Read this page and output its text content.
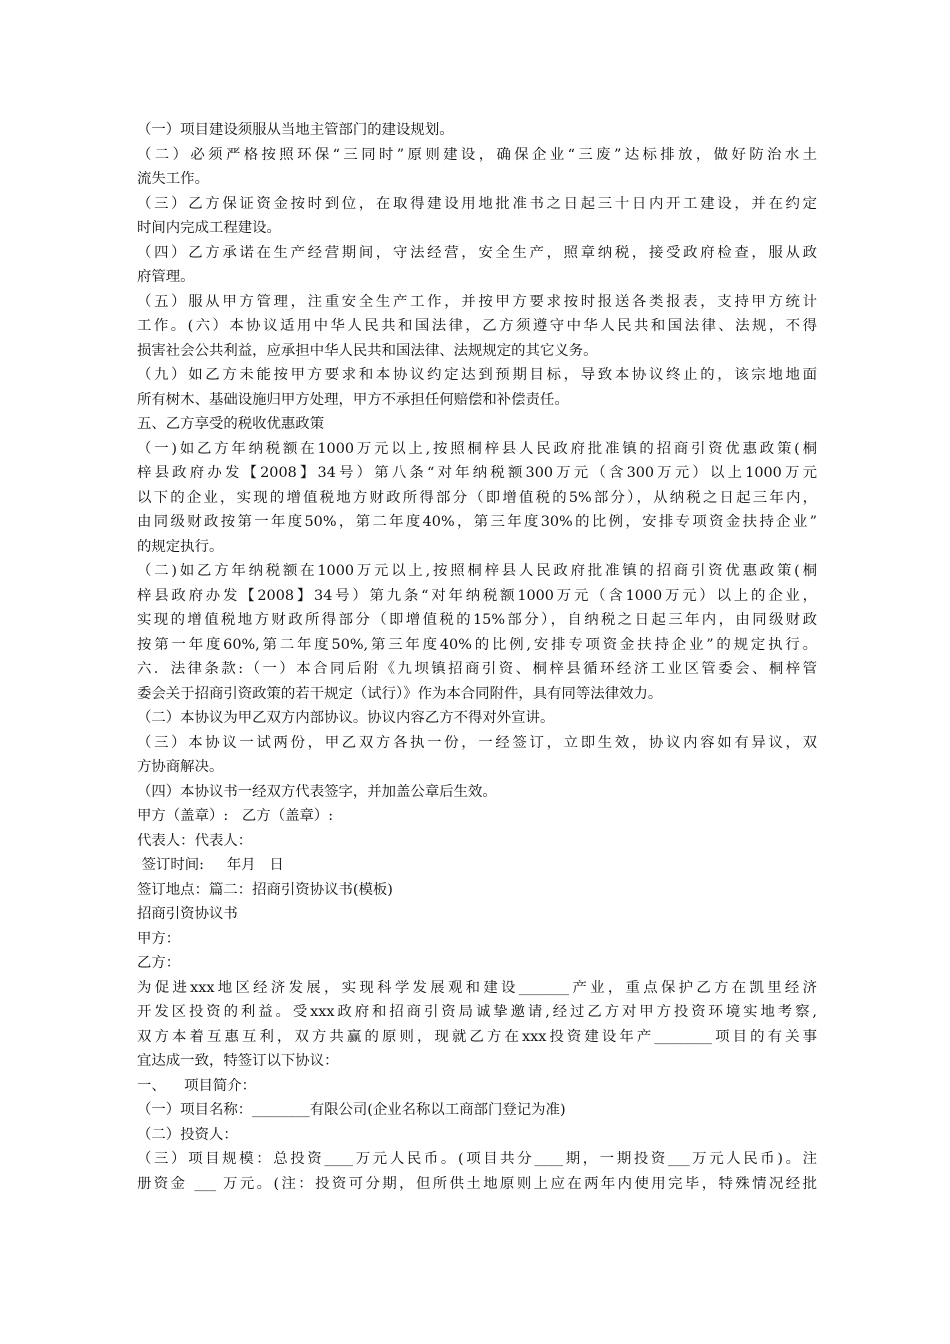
（一）项目建设须服从当地主管部门的建设规划。
（二）必须严格按照环保“三同时”原则建设，确保企业“三废”达标排放，做好防治水土
流失工作。
（三）乙方保证资金按时到位，在取得建设用地批准书之日起三十日内开工建设，并在约定
时间内完成工程建设。
（四）乙方承诺在生产经营期间，守法经营，安全生产，照章纳税，接受政府检查，服从政
府管理。
（五）服从甲方管理，注重安全生产工作，并按甲方要求按时报送各类报表，支持甲方统计
工作。(六）本协议适用中华人民共和国法律，乙方须遵守中华人民共和国法律、法规，不得
损害社会公共利益，应承担中华人民共和国法律、法规规定的其它义务。
（九）如乙方未能按甲方要求和本协议约定达到预期目标，导致本协议终止的，该宗地地面
所有树木、基础设施归甲方处理，甲方不承担任何赔偿和补偿责任。
五、乙方享受的税收优惠政策
（一)如乙方年纳税额在1000万元以上,按照桐梓县人民政府批准镇的招商引资优惠政策(桐
梓县政府办发【2008】34号）第八条“对年纳税额300万元（含300万元）以上1000万元
以下的企业，实现的增值税地方财政所得部分（即增值税的5%部分），从纳税之日起三年内，
由同级财政按第一年度50%，第二年度40%，第三年度30%的比例，安排专项资金扶持企业”
的规定执行。
（二)如乙方年纳税额在1000万元以上,按照桐梓县人民政府批准镇的招商引资优惠政策(桐
梓县政府办发【2008】34号）第九条“对年纳税额1000万元（含1000万元）以上的企业，
实现的增值税地方财政所得部分（即增值税的15%部分），自纳税之日起三年内，由同级财政
按第一年度60%,第二年度50%,第三年度40%的比例,安排专项资金扶持企业”的规定执行。
六．法律条款:（一）本合同后附《九坝镇招商引资、桐梓县循环经济工业区管委会、桐梓管
委会关于招商引资政策的若干规定（试行）》作为本合同附件，具有同等法律效力。
（二）本协议为甲乙双方内部协议。协议内容乙方不得对外宣讲。
（三）本协议一试两份，甲乙双方各执一份，一经签订，立即生效，协议内容如有异议，双
方协商解决。
（四）本协议书一经双方代表签字，并加盖公章后生效。
甲方（盖章）:   乙方（盖章）:
代表人：代表人：
签订时间:     年月   日
签订地点：篇二：招商引资协议书(模板)
招商引资协议书
甲方：
乙方：
为促进xxx地区经济发展，实现科学发展观和建设_______产业，重点保护乙方在凯里经济
开发区投资的利益。受xxx政府和招商引资局诚挚邀请,经过乙方对甲方投资环境实地考察,
双方本着互惠互利，双方共赢的原则，现就乙方在xxx投资建设年产________项目的有关事
宜达成一致，特签订以下协议：
一、    项目简介：
（一）项目名称：________有限公司(企业名称以工商部门登记为准)
（二）投资人：
（三）项目规模：总投资____万元人民币。(项目共分____期，一期投资___万元人民币)。注
册资金 ___ 万元。(注：投资可分期，但所供土地原则上应在两年内使用完毕，特殊情况经批
